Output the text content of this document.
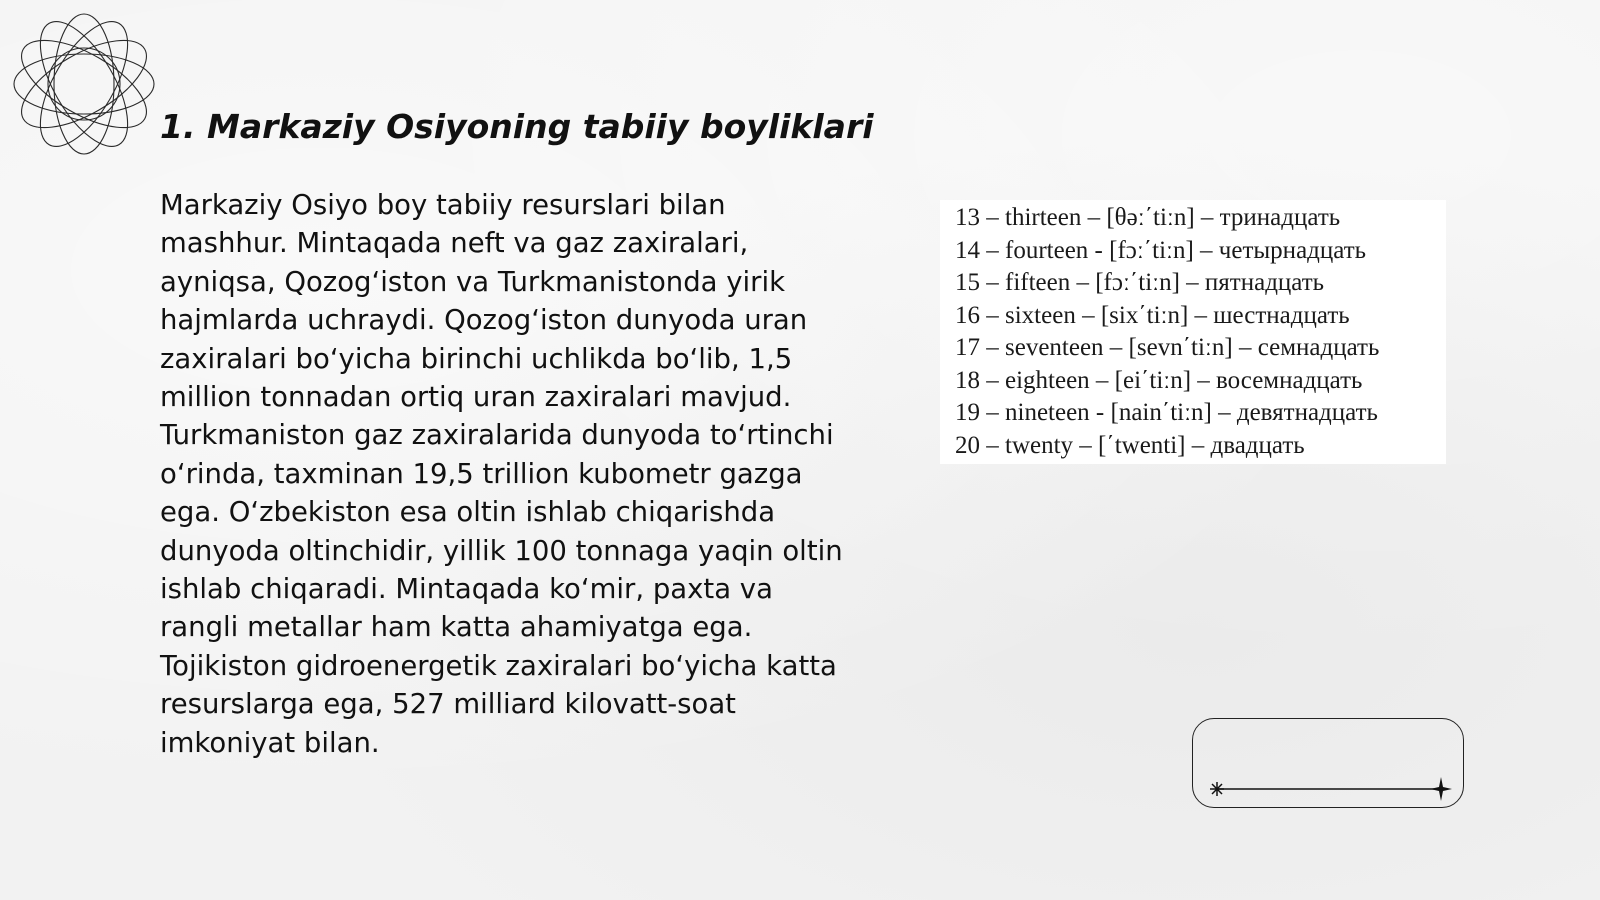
1. Markaziy Osiyoning tabiiy boyliklari

Markaziy Osiyo boy tabiiy resurslari bilan mashhur. Mintaqada neft va gaz zaxiralari, ayniqsa, Qozog‘iston va Turkmanistonda yirik hajmlarda uchraydi. Qozog‘iston dunyoda uran zaxiralari bo‘yicha birinchi uchlikda bo‘lib, 1,5 million tonnadan ortiq uran zaxiralari mavjud. Turkmaniston gaz zaxiralarida dunyoda to‘rtinchi o‘rinda, taxminan 19,5 trillion kubometr gazga ega. O‘zbekiston esa oltin ishlab chiqarishda dunyoda oltinchidir, yillik 100 tonnaga yaqin oltin ishlab chiqaradi. Mintaqada ko‘mir, paxta va rangli metallar ham katta ahamiyatga ega. Tojikiston gidroenergetik zaxiralari bo‘yicha katta resurslarga ega, 527 milliard kilovatt-soat imkoniyat bilan.

13 – thirteen – [θəː΄tiːn] – тринадцать
14 – fourteen - [fɔː΄tiːn] – четырнадцать
15 – fifteen – [fɔː΄tiːn] – пятнадцать
16 – sixteen – [six΄tiːn] – шестнадцать
17 – seventeen – [sevn΄tiːn] – семнадцать
18 – eighteen – [ei΄tiːn] – восемнадцать
19 – nineteen - [nain΄tiːn] – девятнадцать
20 – twenty – [΄twenti] – двадцать
